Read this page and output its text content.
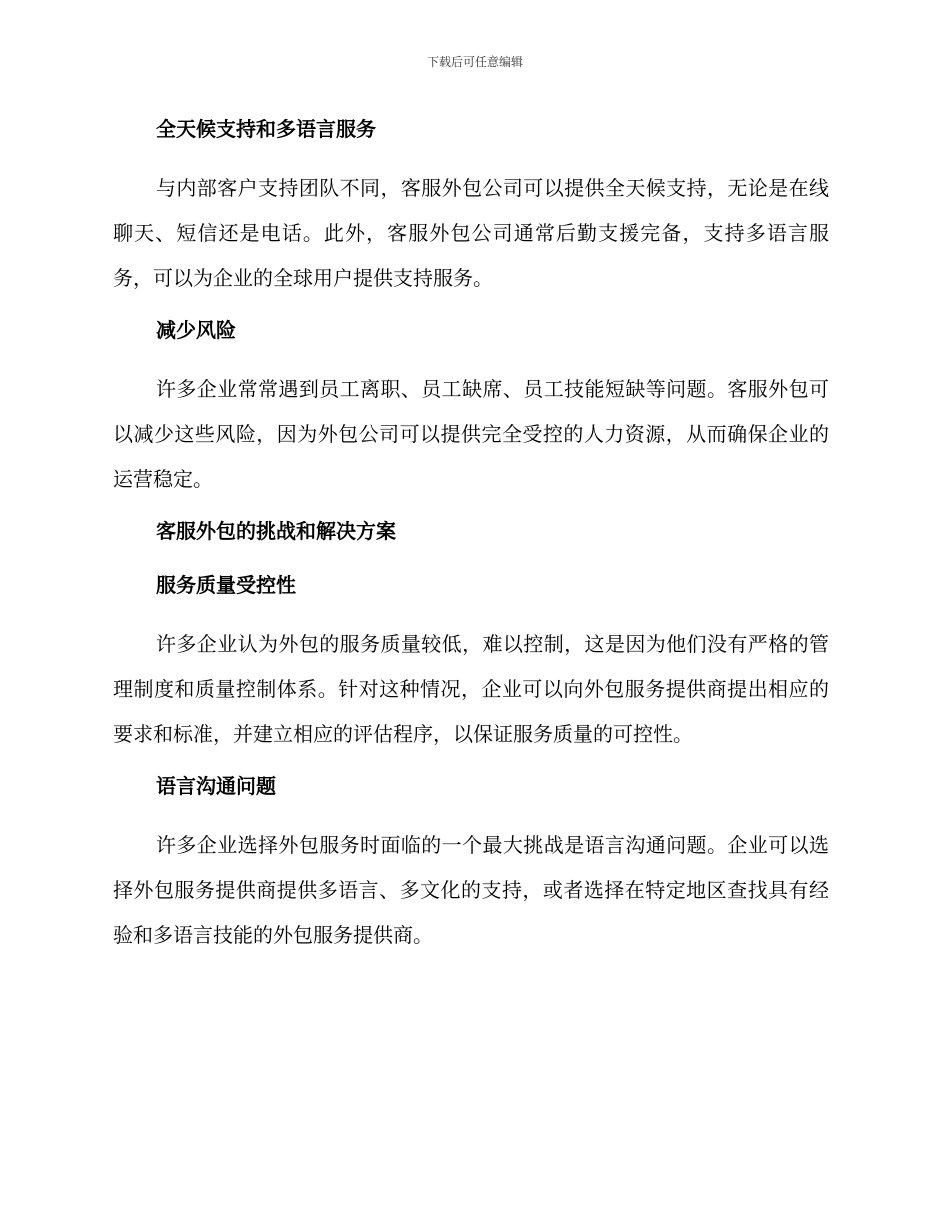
下载后可任意编辑
全天候支持和多语言服务
与内部客户支持团队不同，客服外包公司可以提供全天候支持，无论是在线聊天、短信还是电话。此外，客服外包公司通常后勤支援完备，支持多语言服务，可以为企业的全球用户提供支持服务。
减少风险
许多企业常常遇到员工离职、员工缺席、员工技能短缺等问题。客服外包可以减少这些风险，因为外包公司可以提供完全受控的人力资源，从而确保企业的运营稳定。
客服外包的挑战和解决方案
服务质量受控性
许多企业认为外包的服务质量较低，难以控制，这是因为他们没有严格的管理制度和质量控制体系。针对这种情况，企业可以向外包服务提供商提出相应的要求和标准，并建立相应的评估程序，以保证服务质量的可控性。
语言沟通问题
许多企业选择外包服务时面临的一个最大挑战是语言沟通问题。企业可以选择外包服务提供商提供多语言、多文化的支持，或者选择在特定地区查找具有经验和多语言技能的外包服务提供商。
